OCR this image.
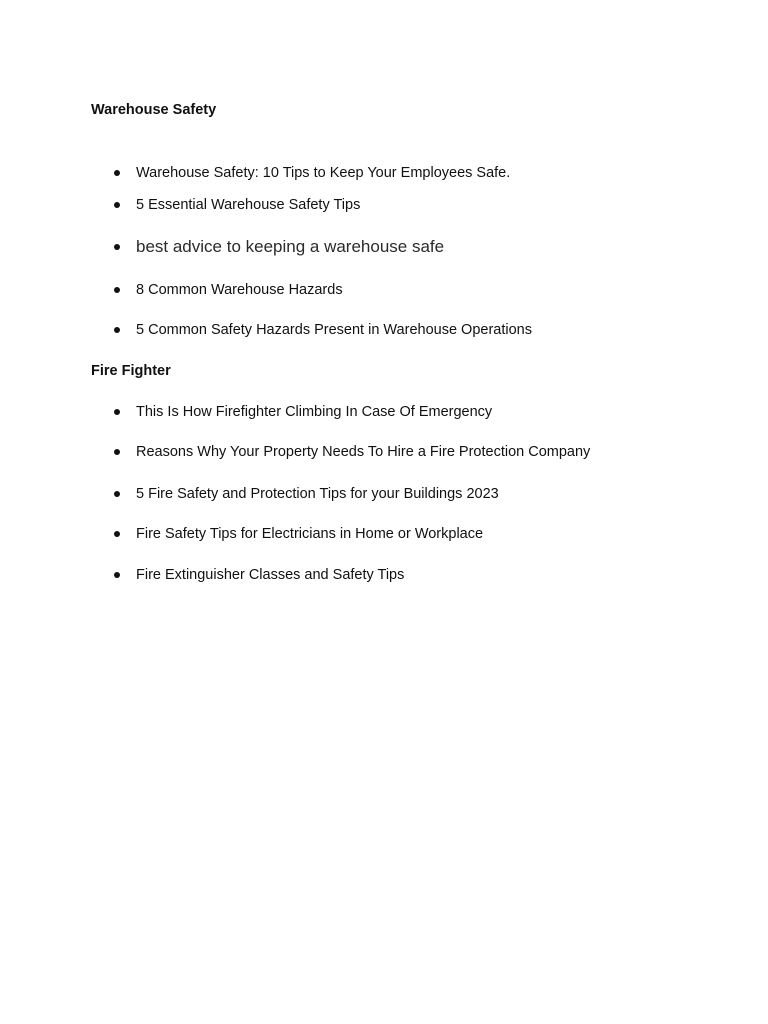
Warehouse Safety
Warehouse Safety: 10 Tips to Keep Your Employees Safe.
5 Essential Warehouse Safety Tips
best advice to keeping a warehouse safe
8 Common Warehouse Hazards
5 Common Safety Hazards Present in Warehouse Operations
Fire Fighter
This Is How Firefighter Climbing In Case Of Emergency
Reasons Why Your Property Needs To Hire a Fire Protection Company
5 Fire Safety and Protection Tips for your Buildings 2023
Fire Safety Tips for Electricians in Home or Workplace
Fire Extinguisher Classes and Safety Tips
